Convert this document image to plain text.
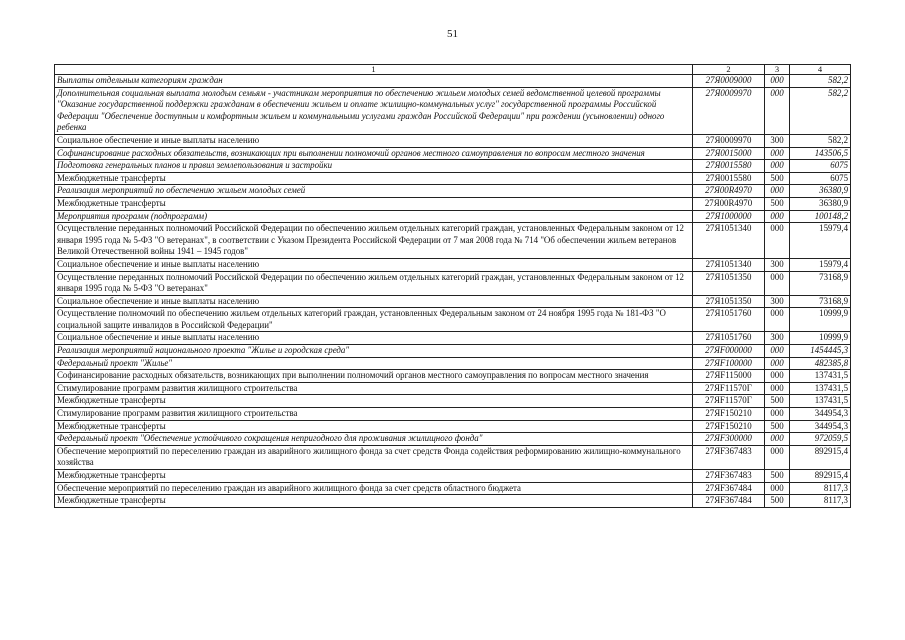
51
1	2	3	4
Выплаты отдельным категориям граждан	27Я0009000	000	582,2
Дополнительная социальная выплата молодым семьям - участникам мероприятия по обеспечению жильем молодых семей ведомственной целевой программы "Оказание государственной поддержки гражданам в обеспечении жильем и оплате жилищно-коммунальных услуг" государственной программы Российской Федерации "Обеспечение доступным и комфортным жильем и коммунальными услугами граждан Российской Федерации" при рождении (усыновлении) одного ребенка	27Я0009970	000	582,2
Социальное обеспечение и иные выплаты населению	27Я0009970	300	582,2
Софинансирование расходных обязательств, возникающих при выполнении полномочий органов местного самоуправления по вопросам местного значения	27Я0015000	000	143506,5
Подготовка генеральных планов и правил землепользования и застройки	27Я0015580	000	6075
Межбюджетные трансферты	27Я0015580	500	6075
Реализация мероприятий по обеспечению жильем молодых семей	27Я00R4970	000	36380,9
Межбюджетные трансферты	27Я00R4970	500	36380,9
Мероприятия программ (подпрограмм)	27Я1000000	000	100148,2
Осуществление переданных полномочий Российской Федерации по обеспечению жильем отдельных категорий граждан, установленных Федеральным законом от 12 января 1995 года № 5-ФЗ "О ветеранах", в соответствии с Указом Президента Российской Федерации от 7 мая 2008 года № 714 "Об обеспечении жильем ветеранов Великой Отечественной войны 1941 – 1945 годов"	27Я1051340	000	15979,4
Социальное обеспечение и иные выплаты населению	27Я1051340	300	15979,4
Осуществление переданных полномочий Российской Федерации по обеспечению жильем отдельных категорий граждан, установленных Федеральным законом от 12 января 1995 года № 5-ФЗ "О ветеранах"	27Я1051350	000	73168,9
Социальное обеспечение и иные выплаты населению	27Я1051350	300	73168,9
Осуществление полномочий по обеспечению жильем отдельных категорий граждан, установленных Федеральным законом от 24 ноября 1995 года № 181-ФЗ "О социальной защите инвалидов в Российской Федерации"	27Я1051760	000	10999,9
Социальное обеспечение и иные выплаты населению	27Я1051760	300	10999,9
Реализация мероприятий национального проекта "Жилье и городская среда"	27ЯF000000	000	1454445,3
Федеральный проект "Жилье"	27ЯF100000	000	482385,8
Софинансирование расходных обязательств, возникающих при выполнении полномочий органов местного самоуправления по вопросам местного значения	27ЯF115000	000	137431,5
Стимулирование программ развития жилищного строительства	27ЯF11570Г	000	137431,5
Межбюджетные трансферты	27ЯF11570Г	500	137431,5
Стимулирование программ развития жилищного строительства	27ЯF150210	000	344954,3
Межбюджетные трансферты	27ЯF150210	500	344954,3
Федеральный проект "Обеспечение устойчивого сокращения непригодного для проживания жилищного фонда"	27ЯF300000	000	972059,5
Обеспечение мероприятий по переселению граждан из аварийного жилищного фонда за счет средств Фонда содействия реформированию жилищно-коммунального хозяйства	27ЯF367483	000	892915,4
Межбюджетные трансферты	27ЯF367483	500	892915,4
Обеспечение мероприятий по переселению граждан из аварийного жилищного фонда за счет средств областного бюджета	27ЯF367484	000	8117,3
Межбюджетные трансферты	27ЯF367484	500	8117,3
